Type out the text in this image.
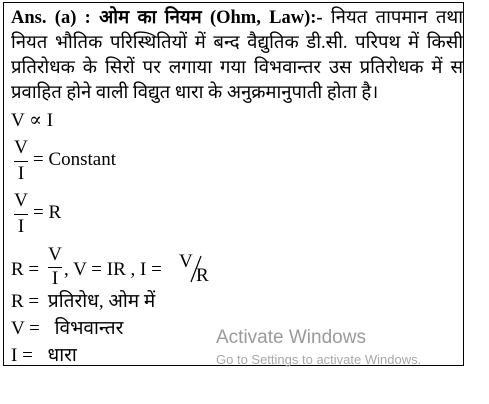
Ans. (a) : ओम का नियम (Ohm, Law):- नियत तापमान तथा नियत भौतिक परिस्थितियों में बन्द वैद्युतिक डी.सी. परिपथ में किसी प्रतिरोधक के सिरों पर लगाया गया विभवान्तर उस प्रतिरोधक में स प्रवाहित होने वाली विद्युत धारा के अनुक्रमानुपाती होता है।
V ∝ I
V
I
= Constant
V
I
= R
R =
V
I , V = IR , I = V
R
R = प्रतिरोध, ओम में
V = विभवान्तर
I = धारा
Activate Windows
Go to Settings to activate Windows.
